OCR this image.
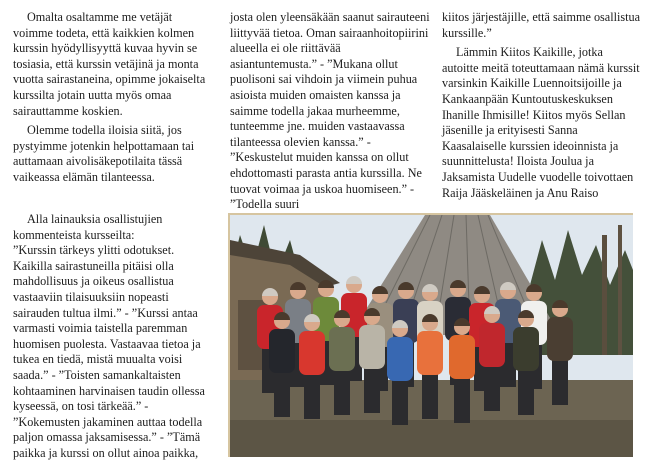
Omalta osaltamme me vetäjät voimme todeta, että kaikkien kolmen kurssin hyödyllisyyttä kuvaa hyvin se tosiasia, että kurssin vetäjinä ja monta vuotta sairastaneina, opimme jokaiselta kurssilta jotain uutta myös omaa sairauttamme koskien.

Olemme todella iloisia siitä, jos pystyimme jotenkin helpottamaan tai auttamaan aivolisäkepotilaita tässä vaikeassa elämän tilanteessa.

Alla lainauksia osallistujien kommenteista kursseilta:

”Kurssin tärkeys ylitti odotukset. Kaikilla sairastuneilla pitäisi olla mahdollisuus ja oikeus osallistua vastaaviin tilaisuuksiin nopeasti sairauden tultua ilmi.” - ”Kurssi antaa varmasti voimia taistella paremman huomisen puolesta. Vastaavaa tietoa ja tukea en tiedä, mistä muualta voisi saada.” - ”Toisten samankaltaisten kohtaaminen harvinaisen taudin ollessa kyseessä, on tosi tärkeää.” - ”Kokemusten jakaminen auttaa todella paljon omassa jaksamisessa.” - ”Tämä paikka ja kurssi on ollut ainoa paikka,

josta olen yleensäkään saanut sairauteeni liittyvää tietoa. Oman sairaanhoitopiirini alueella ei ole riittävää asiantuntemusta.” - ”Mukana ollut puolisoni sai vihdoin ja viimein puhua asioista muiden omaisten kanssa ja saimme todella jakaa murheemme, tunteemme jne. muiden vastaavassa tilanteessa olevien kanssa.” - ”Keskustelut muiden kanssa on ollut ehdottomasti parasta antia kurssilla. Ne tuovat voimaa ja uskoa huomiseen.” - ”Todella suuri

kiitos järjestäjille, että saimme osallistua kurssille.”

Lämmin Kiitos Kaikille, jotka autoitte meitä toteuttamaan nämä kurssit varsinkin Kaikille Luennoitsijoille ja Kankaanpään Kuntoutuskeskuksen Ihanille Ihmisille! Kiitos myös Sellan jäsenille ja erityisesti Sanna Kaasalaiselle kurssien ideoinnista ja suunnittelusta! Iloista Joulua ja Jaksamista Uudelle vuodelle toivottaen Raija Jääskeläinen ja Anu Raiso
